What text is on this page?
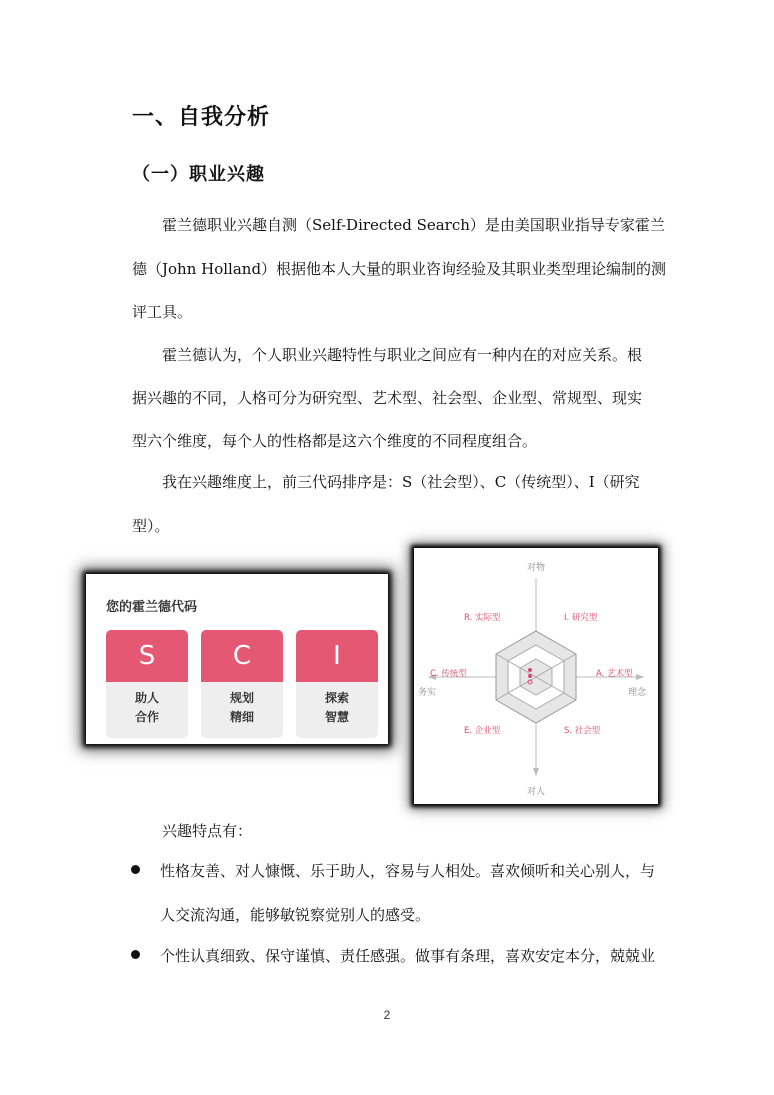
一、自我分析
（一）职业兴趣
霍兰德职业兴趣自测（Self-Directed Search）是由美国职业指导专家霍兰
德（John Holland）根据他本人大量的职业咨询经验及其职业类型理论编制的测
评工具。
霍兰德认为，个人职业兴趣特性与职业之间应有一种内在的对应关系。根
据兴趣的不同，人格可分为研究型、艺术型、社会型、企业型、常规型、现实
型六个维度，每个人的性格都是这六个维度的不同程度组合。
我在兴趣维度上，前三代码排序是：S（社会型）、C（传统型）、I（研究
型）。
您的霍兰德代码
S
助人
合作
C
规划
精细
I
探索
智慧
对物
对人
务实	理念
R. 实际型	I. 研究型
A. 艺术型
S. 社会型
E. 企业型
C. 传统型
兴趣特点有：
性格友善、对人慷慨、乐于助人，容易与人相处。喜欢倾听和关心别人，与
人交流沟通，能够敏锐察觉别人的感受。
个性认真细致、保守谨慎、责任感强。做事有条理，喜欢安定本分，兢兢业
2
